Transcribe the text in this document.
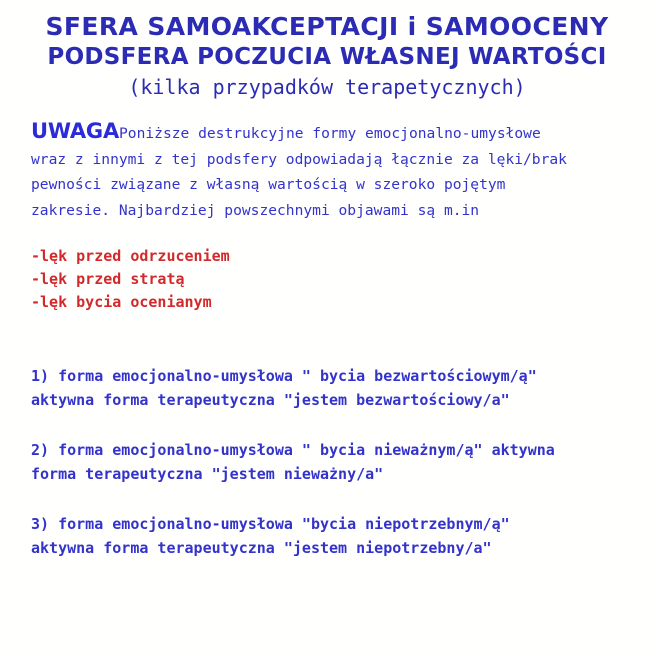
SFERA SAMOAKCEPTACJI i SAMOOCENY
PODSFERA POCZUCIA WŁASNEJ WARTOŚCI
(kilka przypadków terapetycznych)
UWAGAPoniższe destrukcyjne formy emocjonalno-umysłowe
wraz z innymi z tej podsfery odpowiadają łącznie za lęki/brak
pewności związane z własną wartością w szeroko pojętym
zakresie. Najbardziej powszechnymi objawami są m.in
-lęk przed odrzuceniem
-lęk przed stratą
-lęk bycia ocenianym
1) forma emocjonalno-umysłowa " bycia bezwartościowym/ą"
aktywna forma terapeutyczna "jestem bezwartościowy/a"
2) forma emocjonalno-umysłowa " bycia nieważnym/ą" aktywna
forma terapeutyczna "jestem nieważny/a"
3) forma emocjonalno-umysłowa "bycia niepotrzebnym/ą"
aktywna forma terapeutyczna "jestem niepotrzebny/a"
